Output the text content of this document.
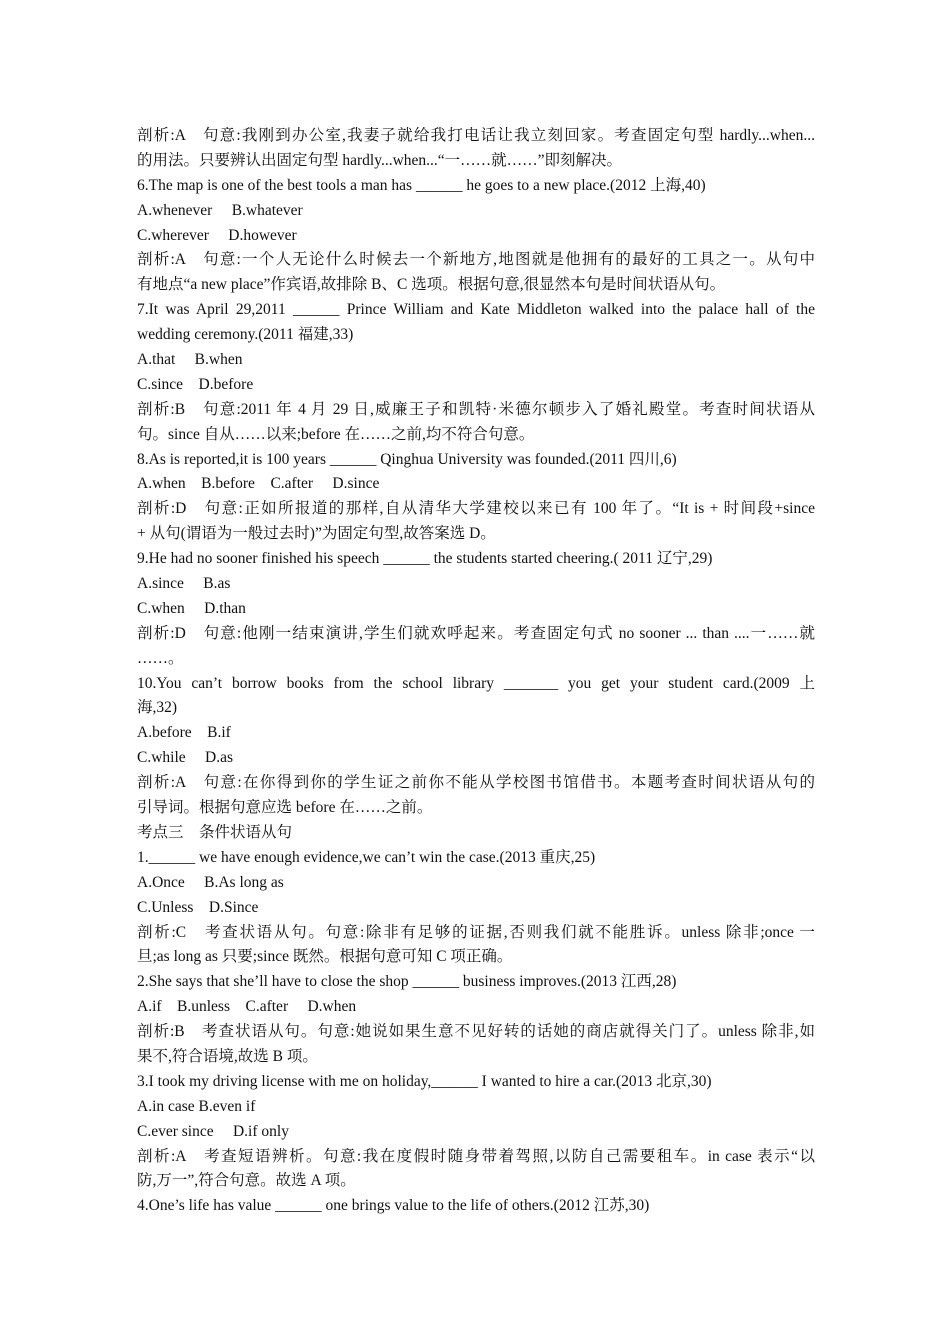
剖析:A　句意:我刚到办公室,我妻子就给我打电话让我立刻回家。考查固定句型 hardly...when...
的用法。只要辨认出固定句型 hardly...when...“一……就……”即刻解决。
6.The map is one of the best tools a man has ______ he goes to a new place.(2012 上海,40)
A.whenever　 B.whatever
C.wherever　 D.however
剖析:A　句意:一个人无论什么时候去一个新地方,地图就是他拥有的最好的工具之一。从句中
有地点“a new place”作宾语,故排除 B、C 选项。根据句意,很显然本句是时间状语从句。
7.It was April 29,2011 ______ Prince William and Kate Middleton walked into the palace hall of the
wedding ceremony.(2011 福建,33)
A.that　 B.when
C.since　D.before
剖析:B　句意:2011 年 4 月 29 日,威廉王子和凯特·米德尔顿步入了婚礼殿堂。考查时间状语从
句。since 自从……以来;before 在……之前,均不符合句意。
8.As is reported,it is 100 years ______ Qinghua University was founded.(2011 四川,6)
A.when　B.before　C.after　 D.since
剖析:D　句意:正如所报道的那样,自从清华大学建校以来已有 100 年了。“It is + 时间段+since
+ 从句(谓语为一般过去时)”为固定句型,故答案选 D。
9.He had no sooner finished his speech ______ the students started cheering.( 2011 辽宁,29)
A.since　 B.as
C.when　 D.than
剖析:D　句意:他刚一结束演讲,学生们就欢呼起来。考查固定句式 no sooner ... than ....一……就
……。
10.You can’t borrow books from the school library _______ you get your student card.(2009 上
海,32)
A.before　B.if
C.while　 D.as
剖析:A　句意:在你得到你的学生证之前你不能从学校图书馆借书。本题考查时间状语从句的
引导词。根据句意应选 before 在……之前。
考点三　条件状语从句
1.______ we have enough evidence,we can’t win the case.(2013 重庆,25)
A.Once　 B.As long as
C.Unless　D.Since
剖析:C　考查状语从句。句意:除非有足够的证据,否则我们就不能胜诉。unless 除非;once 一
旦;as long as 只要;since 既然。根据句意可知 C 项正确。
2.She says that she’ll have to close the shop ______ business improves.(2013 江西,28)
A.if　B.unless　C.after　 D.when
剖析:B　考查状语从句。句意:她说如果生意不见好转的话她的商店就得关门了。unless 除非,如
果不,符合语境,故选 B 项。
3.I took my driving license with me on holiday,______ I wanted to hire a car.(2013 北京,30)
A.in case B.even if
C.ever since　 D.if only
剖析:A　考查短语辨析。句意:我在度假时随身带着驾照,以防自己需要租车。in case 表示“以
防,万一”,符合句意。故选 A 项。
4.One’s life has value ______ one brings value to the life of others.(2012 江苏,30)
